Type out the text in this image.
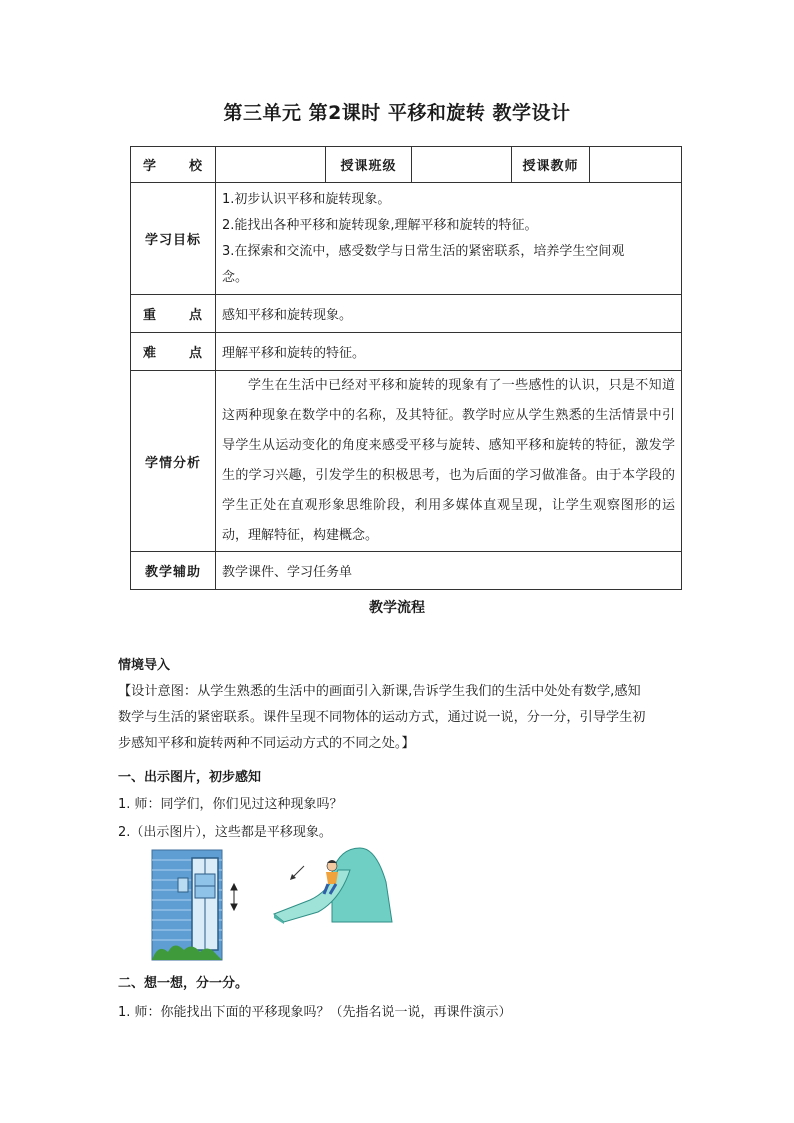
第三单元 第2课时 平移和旋转 教学设计
学 校		授课班级		授课教师	
学习目标	1.初步认识平移和旋转现象。
2.能找出各种平移和旋转现象,理解平移和旋转的特征。
3.在探索和交流中，感受数学与日常生活的紧密联系，培养学生空间观
念。				

重 点	感知平移和旋转现象。				

难 点	理解平移和旋转的特征。				
学情分析	学生在生活中已经对平移和旋转的现象有了一些感性的认识，只是不知道这两种现象在数学中的名称，及其特征。教学时应从学生熟悉的生活情景中引导学生从运动变化的角度来感受平移与旋转、感知平移和旋转的特征，激发学生的学习兴趣，引发学生的积极思考，也为后面的学习做准备。由于本学段的学生正处在直观形象思维阶段，利用多媒体直观呈现，让学生观察图形的运动，理解特征，构建概念。				
教学辅助	教学课件、学习任务单				
教学流程
情境导入
【设计意图：从学生熟悉的生活中的画面引入新课,告诉学生我们的生活中处处有数学,感知
数学与生活的紧密联系。课件呈现不同物体的运动方式，通过说一说，分一分，引导学生初
步感知平移和旋转两种不同运动方式的不同之处。】
一、出示图片，初步感知
1. 师：同学们，你们见过这种现象吗？
2.（出示图片），这些都是平移现象。
二、想一想，分一分。
1. 师：你能找出下面的平移现象吗？（先指名说一说，再课件演示）
